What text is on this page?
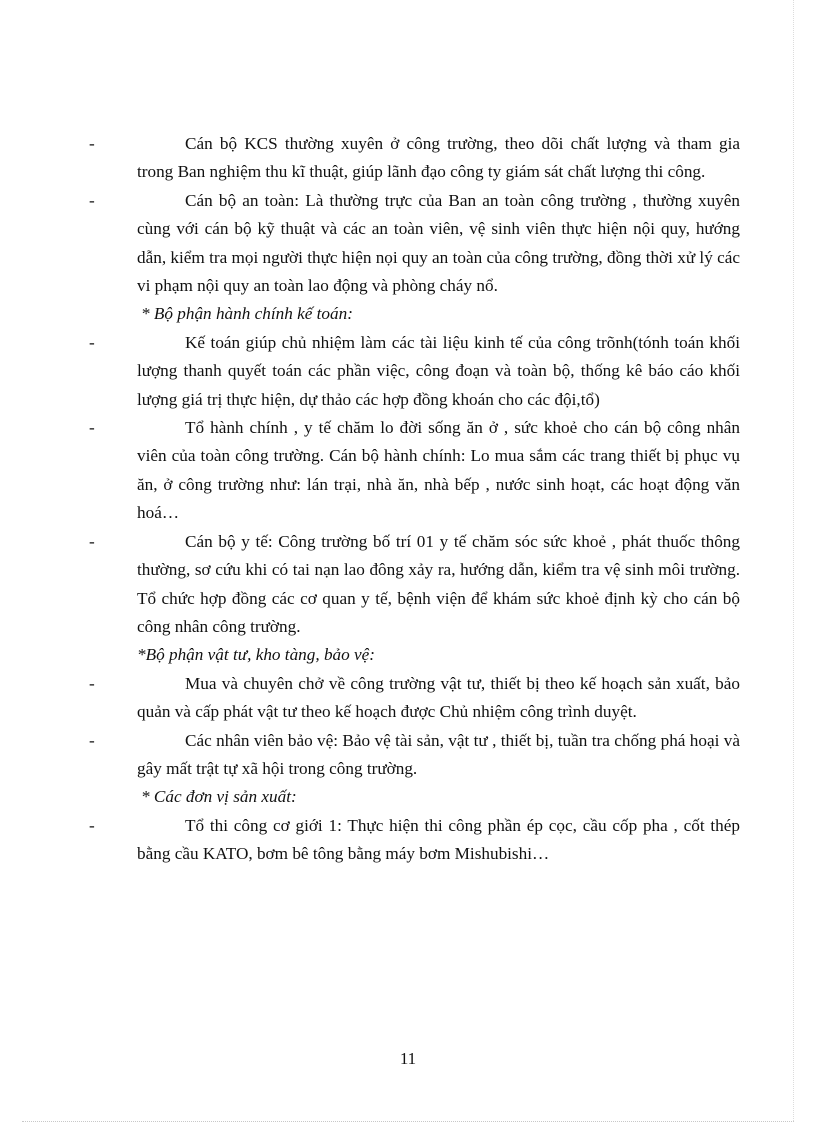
-	Cán bộ KCS thường xuyên ở công trường, theo dõi chất lượng và tham gia trong Ban nghiệm thu kĩ thuật, giúp lãnh đạo công ty giám sát chất lượng thi công.

-	Cán bộ an toàn: Là thường trực của Ban an toàn công trường , thường xuyên cùng với cán bộ kỹ thuật và các an toàn viên, vệ sinh viên thực hiện nội quy, hướng dẫn, kiểm tra mọi người thực hiện nọi quy an toàn của công trường, đồng thời xử lý các vi phạm nội quy an toàn lao động và phòng cháy nổ.

* Bộ phận hành chính kế toán:

-	Kế toán giúp chủ nhiệm làm các tài liệu kinh tế của công trõnh(tónh toán khối lượng thanh quyết toán các phần việc, công đoạn và toàn bộ, thống kê báo cáo khối lượng giá trị thực hiện, dự thảo các hợp đồng khoán cho các đội,tổ)

-	Tổ hành chính , y tế chăm lo đời sống ăn ở , sức khoẻ cho cán bộ công nhân viên của toàn công trường. Cán bộ hành chính: Lo mua sắm các trang thiết bị phục vụ ăn, ở công trường như: lán trại, nhà ăn, nhà bếp , nước sinh hoạt, các hoạt động văn hoá…

-	Cán bộ y tế: Công trường bố trí 01 y tế chăm sóc sức khoẻ , phát thuốc thông thường, sơ cứu khi có tai nạn lao đông xảy ra, hướng dẫn, kiểm tra vệ sinh môi trường. Tổ chức hợp đồng các cơ quan y tế, bệnh viện để khám sức khoẻ định kỳ cho cán bộ công nhân công trường.

*Bộ phận vật tư, kho tàng, bảo vệ:

-	Mua và chuyên chở về công trường vật tư, thiết bị theo kế hoạch sản xuất, bảo quản và cấp phát vật tư theo kế hoạch được Chủ nhiệm công trình duyệt.

-	Các nhân viên bảo vệ: Bảo vệ tài sản, vật tư , thiết bị, tuần tra chống phá hoại và gây mất trật tự xã hội trong công trường.

* Các đơn vị sản xuất:

-	Tổ thi công cơ giới 1: Thực hiện thi công phần ép cọc, cầu cốp pha , cốt thép bằng cầu KATO, bơm bê tông bằng máy bơm Mishubishi…

11
